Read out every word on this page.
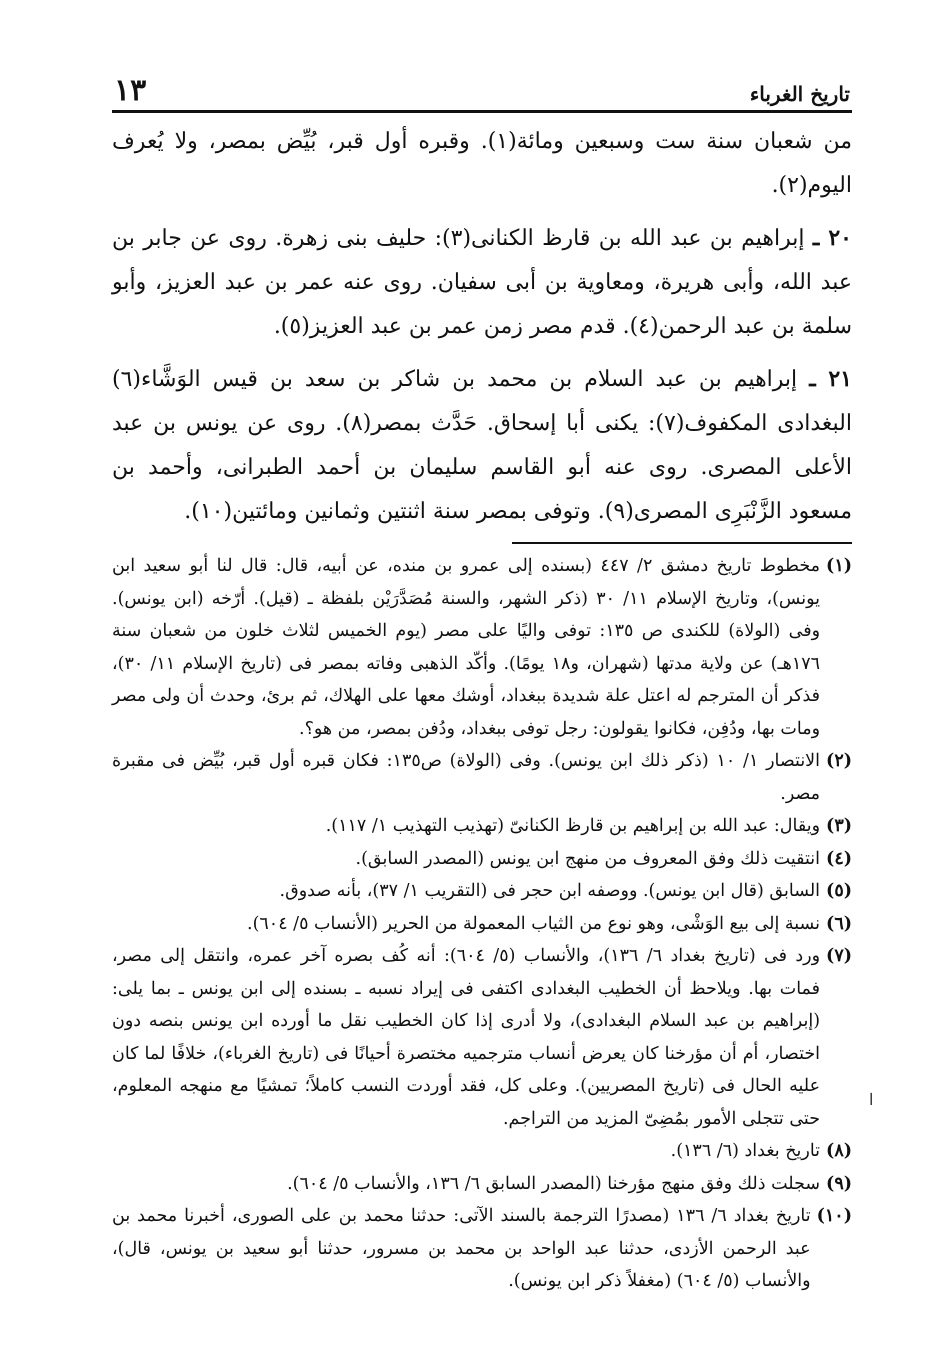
تاريخ الغرباء
١٣

من شعبان سنة ست وسبعين ومائة(١). وقبره أول قبر، بُيِّض بمصر، ولا يُعرف اليوم(٢).

٢٠ ـ إبراهيم بن عبد الله بن قارظ الكنانى(٣): حليف بنى زهرة. روى عن جابر بن عبد الله، وأبى هريرة، ومعاوية بن أبى سفيان. روى عنه عمر بن عبد العزيز، وأبو سلمة بن عبد الرحمن(٤). قدم مصر زمن عمر بن عبد العزيز(٥).

٢١ ـ إبراهيم بن عبد السلام بن محمد بن شاكر بن سعد بن قيس الوَشَّاء(٦) البغدادى المكفوف(٧): يكنى أبا إسحاق. حَدَّث بمصر(٨). روى عن يونس بن عبد الأعلى المصرى. روى عنه أبو القاسم سليمان بن أحمد الطبرانى، وأحمد بن مسعود الزَّنْبَرِى المصرى(٩). وتوفى بمصر سنة اثنتين وثمانين ومائتين(١٠).

(١)
مخطوط تاريخ دمشق ٢/ ٤٤٧ (بسنده إلى عمرو بن منده، عن أبيه، قال: قال لنا أبو سعيد ابن يونس)، وتاريخ الإسلام ١١/ ٣٠ (ذكر الشهر، والسنة مُصَدَّرَيْن بلفظة ـ (قيل). أرّخه (ابن يونس). وفى (الولاة) للكندى ص ١٣٥: توفى واليًا على مصر (يوم الخميس لثلاث خلون من شعبان سنة ١٧٦هـ) عن ولاية مدتها (شهران، و١٨ يومًا). وأكّد الذهبى وفاته بمصر فى (تاريخ الإسلام ١١/ ٣٠)، فذكر أن المترجم له اعتل علة شديدة ببغداد، أوشك معها على الهلاك، ثم برئ، وحدث أن ولى مصر ومات بها، ودُفِن، فكانوا يقولون: رجل توفى ببغداد، ودُفن بمصر، من هو؟.
(٢)
الانتصار ١/ ١٠ (ذكر ذلك ابن يونس). وفى (الولاة) ص١٣٥: فكان قبره أول قبر، بُيِّض فى مقبرة مصر.
(٣)
ويقال: عبد الله بن إبراهيم بن قارظ الكنانىّ (تهذيب التهذيب ١/ ١١٧).
(٤)
انتقيت ذلك وفق المعروف من منهج ابن يونس (المصدر السابق).
(٥)
السابق (قال ابن يونس). ووصفه ابن حجر فى (التقريب ١/ ٣٧)، بأنه صدوق.
(٦)
نسبة إلى بيع الوَشْى، وهو نوع من الثياب المعمولة من الحرير (الأنساب ٥/ ٦٠٤).
(٧)
ورد فى (تاريخ بغداد ٦/ ١٣٦)، والأنساب (٥/ ٦٠٤): أنه كُف بصره آخر عمره، وانتقل إلى مصر، فمات بها. ويلاحظ أن الخطيب البغدادى اكتفى فى إيراد نسبه ـ بسنده إلى ابن يونس ـ بما يلى: (إبراهيم بن عبد السلام البغدادى)، ولا أدرى إذا كان الخطيب نقل ما أورده ابن يونس بنصه دون اختصار، أم أن مؤرخنا كان يعرض أنساب مترجميه مختصرة أحيانًا فى (تاريخ الغرباء)، خلافًا لما كان عليه الحال فى (تاريخ المصريين). وعلى كل، فقد أوردت النسب كاملاً؛ تمشيًا مع منهجه المعلوم، حتى تتجلى الأمور بمُضِىّ المزيد من التراجم.
(٨)
تاريخ بغداد (٦/ ١٣٦).
(٩)
سجلت ذلك وفق منهج مؤرخنا (المصدر السابق ٦/ ١٣٦، والأنساب ٥/ ٦٠٤).
(١٠)
تاريخ بغداد ٦/ ١٣٦ (مصدرًا الترجمة بالسند الآتى: حدثنا محمد بن على الصورى، أخبرنا محمد بن عبد الرحمن الأزدى، حدثنا عبد الواحد بن محمد بن مسرور، حدثنا أبو سعيد بن يونس، قال)، والأنساب (٥/ ٦٠٤) (مغفلاً ذكر ابن يونس).
ا
